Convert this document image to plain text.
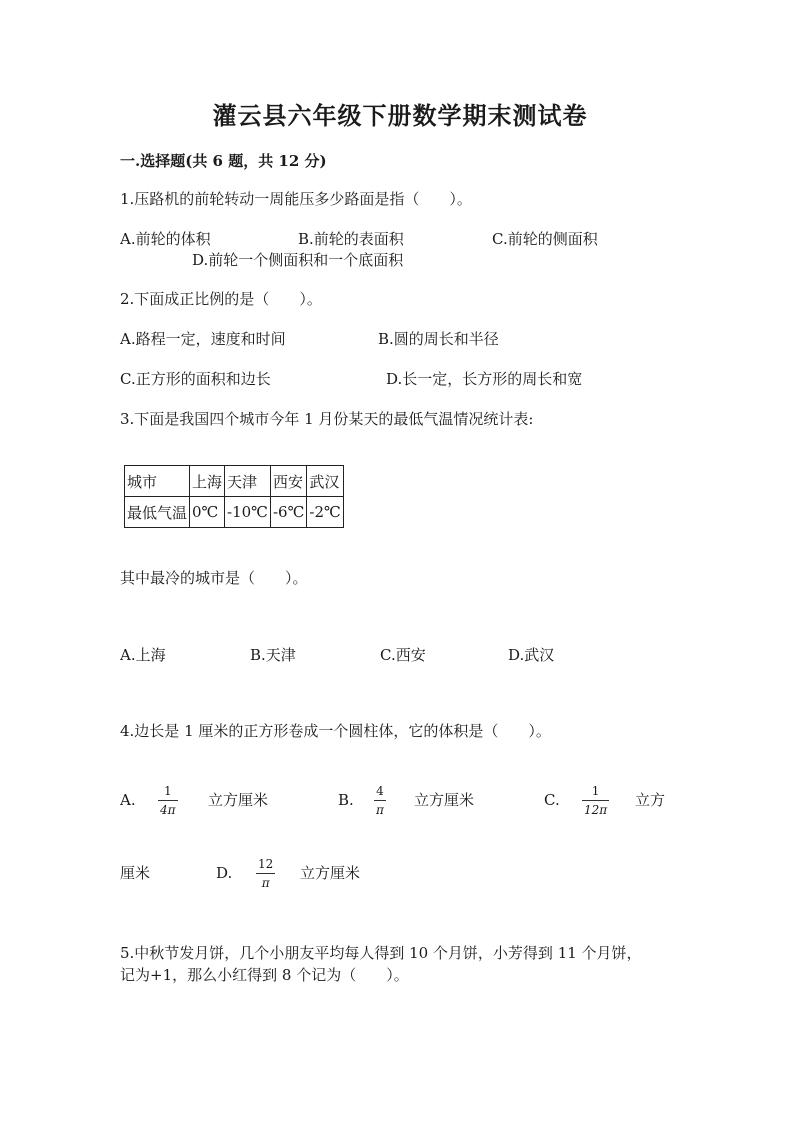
灌云县六年级下册数学期末测试卷
一.选择题(共 6 题，共 12 分)
1.压路机的前轮转动一周能压多少路面是指（　　）。
A.前轮的体积	B.前轮的表面积	C.前轮的侧面积
D.前轮一个侧面积和一个底面积
2.下面成正比例的是（　　）。
A.路程一定，速度和时间	B.圆的周长和半径
C.正方形的面积和边长	D.长一定，长方形的周长和宽
3.下面是我国四个城市今年 1 月份某天的最低气温情况统计表:
城市	上海	天津	西安	武汉
最低气温	0℃	-10℃	-6℃	-2℃
其中最冷的城市是（　　）。
A.上海	B.天津	C.西安	D.武汉
4.边长是 1 厘米的正方形卷成一个圆柱体，它的体积是（　　）。
A. 1
4π
立方厘米	B. 4
π
立方厘米	C.	1
12π
立方
厘米	D. 12
π
立方厘米
5.中秋节发月饼，几个小朋友平均每人得到 10 个月饼，小芳得到 11 个月饼，
记为+1，那么小红得到 8 个记为（　　）。
